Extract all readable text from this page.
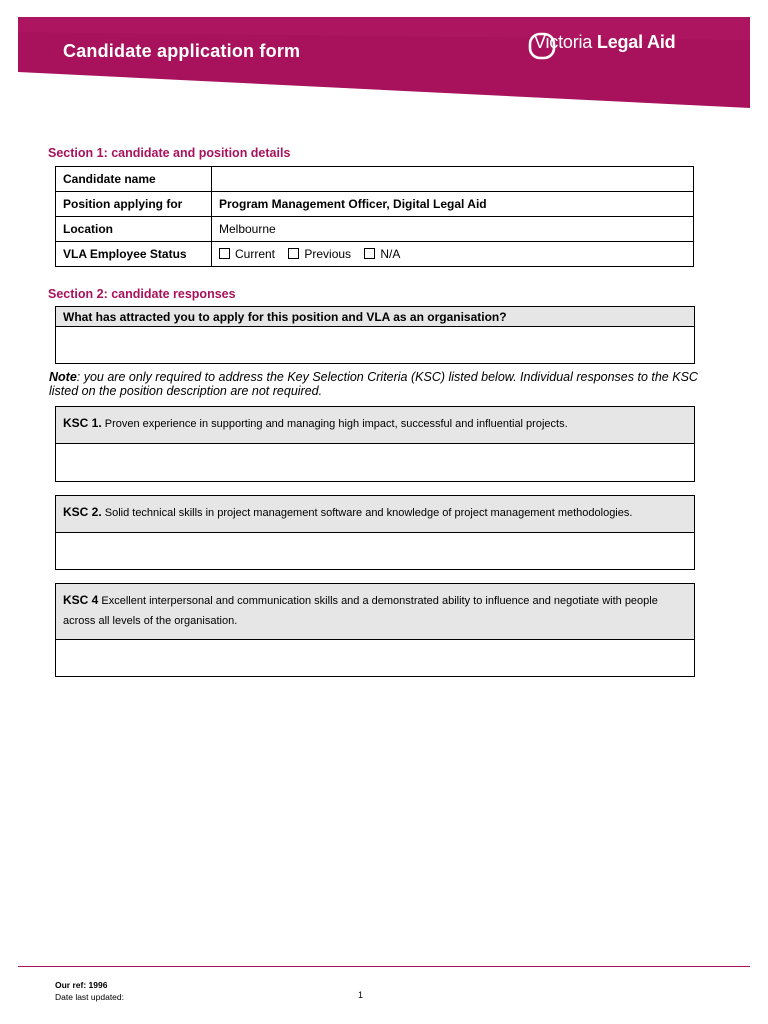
Candidate application form	Victoria Legal Aid
Section 1: candidate and position details
Candidate name	
Position applying for	Program Management Officer, Digital Legal Aid
Location	Melbourne
VLA Employee Status	Current Previous N/A
Section 2: candidate responses
What has attracted you to apply for this position and VLA as an organisation?
Note: you are only required to address the Key Selection Criteria (KSC) listed below. Individual responses to the KSC listed on the position description are not required.
KSC 1. Proven experience in supporting and managing high impact, successful and influential projects.
KSC 2. Solid technical skills in project management software and knowledge of project management methodologies.
KSC 4 Excellent interpersonal and communication skills and a demonstrated ability to influence and negotiate with people across all levels of the organisation.
Our ref: 1996
Date last updated:	1
